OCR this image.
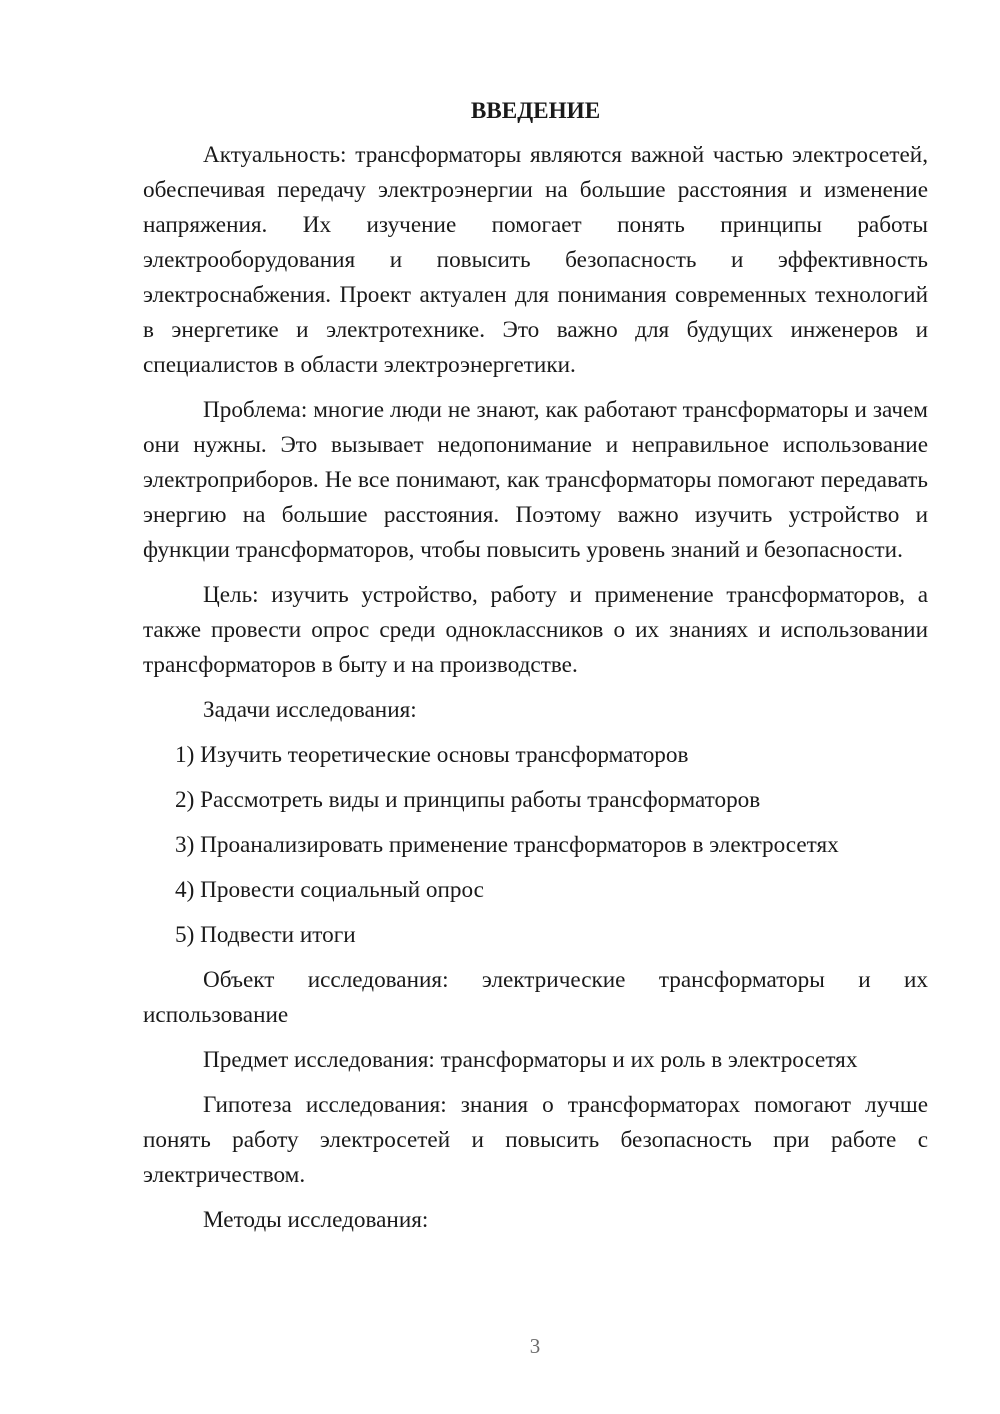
ВВЕДЕНИЕ

Актуальность: трансформаторы являются важной частью электросетей, обеспечивая передачу электроэнергии на большие расстояния и изменение напряжения. Их изучение помогает понять принципы работы электрооборудования и повысить безопасность и эффективность электроснабжения. Проект актуален для понимания современных технологий в энергетике и электротехнике. Это важно для будущих инженеров и специалистов в области электроэнергетики.

Проблема: многие люди не знают, как работают трансформаторы и зачем они нужны. Это вызывает недопонимание и неправильное использование электроприборов. Не все понимают, как трансформаторы помогают передавать энергию на большие расстояния. Поэтому важно изучить устройство и функции трансформаторов, чтобы повысить уровень знаний и безопасности.

Цель: изучить устройство, работу и применение трансформаторов, а также провести опрос среди одноклассников о их знаниях и использовании трансформаторов в быту и на производстве.

Задачи исследования:

1) Изучить теоретические основы трансформаторов
2) Рассмотреть виды и принципы работы трансформаторов
3) Проанализировать применение трансформаторов в электросетях
4) Провести социальный опрос
5) Подвести итоги

Объект исследования: электрические трансформаторы и их использование

Предмет исследования: трансформаторы и их роль в электросетях

Гипотеза исследования: знания о трансформаторах помогают лучше понять работу электросетей и повысить безопасность при работе с электричеством.

Методы исследования:

3
